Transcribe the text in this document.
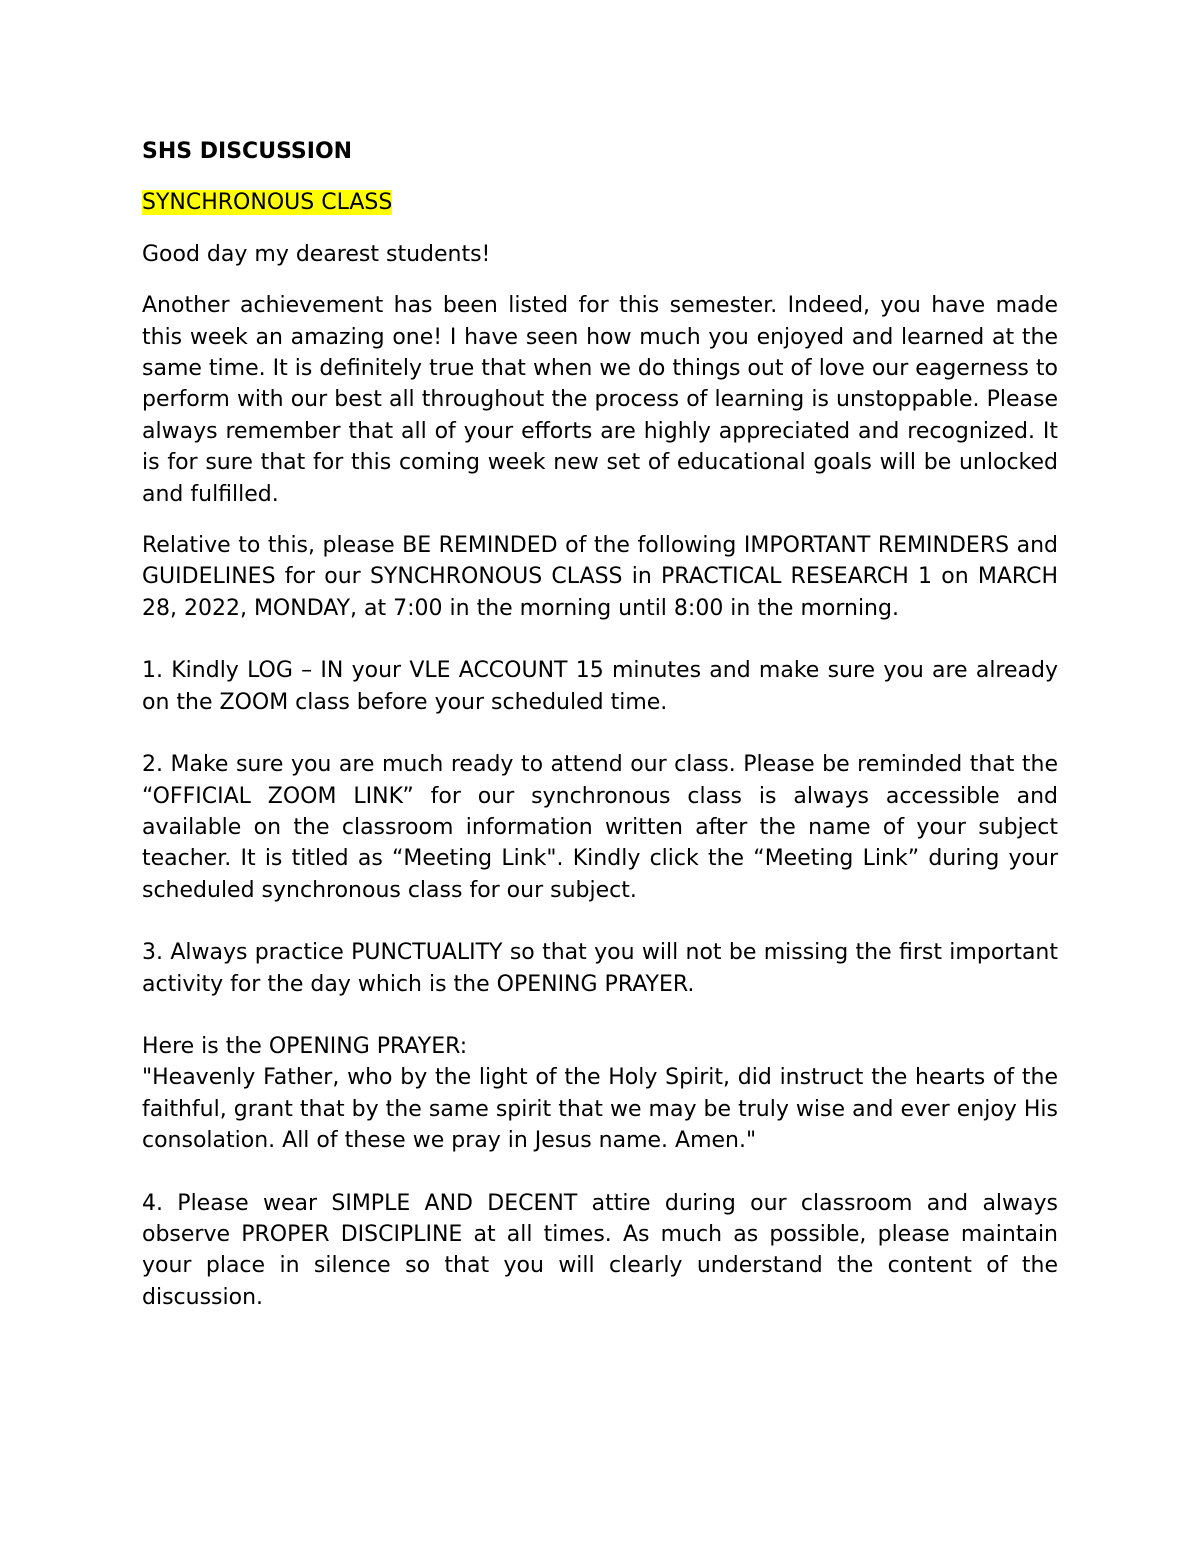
SHS DISCUSSION
SYNCHRONOUS CLASS

Good day my dearest students!

Another achievement has been listed for this semester. Indeed, you have made this week an amazing one! I have seen how much you enjoyed and learned at the same time. It is definitely true that when we do things out of love our eagerness to perform with our best all throughout the process of learning is unstoppable. Please always remember that all of your efforts are highly appreciated and recognized. It is for sure that for this coming week new set of educational goals will be unlocked and fulfilled.

Relative to this, please BE REMINDED of the following IMPORTANT REMINDERS and GUIDELINES for our SYNCHRONOUS CLASS in PRACTICAL RESEARCH 1 on MARCH 28, 2022, MONDAY, at 7:00 in the morning until 8:00 in the morning.

1. Kindly LOG – IN your VLE ACCOUNT 15 minutes and make sure you are already on the ZOOM class before your scheduled time.

2. Make sure you are much ready to attend our class. Please be reminded that the “OFFICIAL ZOOM LINK” for our synchronous class is always accessible and available on the classroom information written after the name of your subject teacher. It is titled as “Meeting Link". Kindly click the “Meeting Link” during your scheduled synchronous class for our subject.

3. Always practice PUNCTUALITY so that you will not be missing the first important activity for the day which is the OPENING PRAYER.

Here is the OPENING PRAYER:
"Heavenly Father, who by the light of the Holy Spirit, did instruct the hearts of the faithful, grant that by the same spirit that we may be truly wise and ever enjoy His consolation. All of these we pray in Jesus name. Amen."

4. Please wear SIMPLE AND DECENT attire during our classroom and always observe PROPER DISCIPLINE at all times. As much as possible, please maintain your place in silence so that you will clearly understand the content of the discussion.
